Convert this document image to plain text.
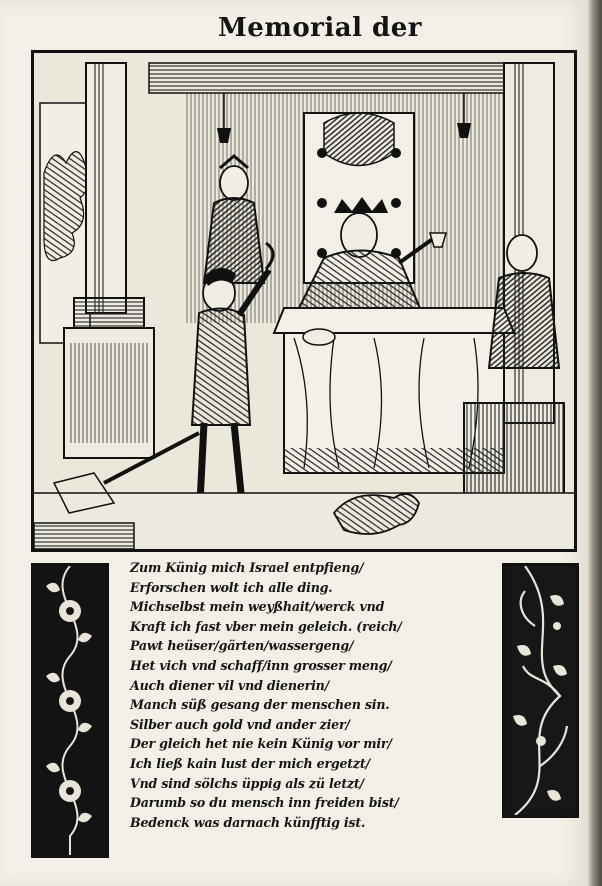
Memorial der
Zum Künig mich Israel entpfieng/
Erforschen wolt ich alle ding.
Michselbst mein weyßhait/werck vnd
Kraft ich fast vber mein geleich. (reich/
Pawt heüser/gärten/wassergeng/
Het vich vnd schaff/inn grosser meng/
Auch diener vil vnd dienerin/
Manch süß gesang der menschen sin.
Silber auch gold vnd ander zier/
Der gleich het nie kein Künig vor mir/
Ich ließ kain lust der mich ergetzt/
Vnd sind sölchs üppig als zü letzt/
Darumb so du mensch inn freiden bist/
Bedenck was darnach künfftig ist.
